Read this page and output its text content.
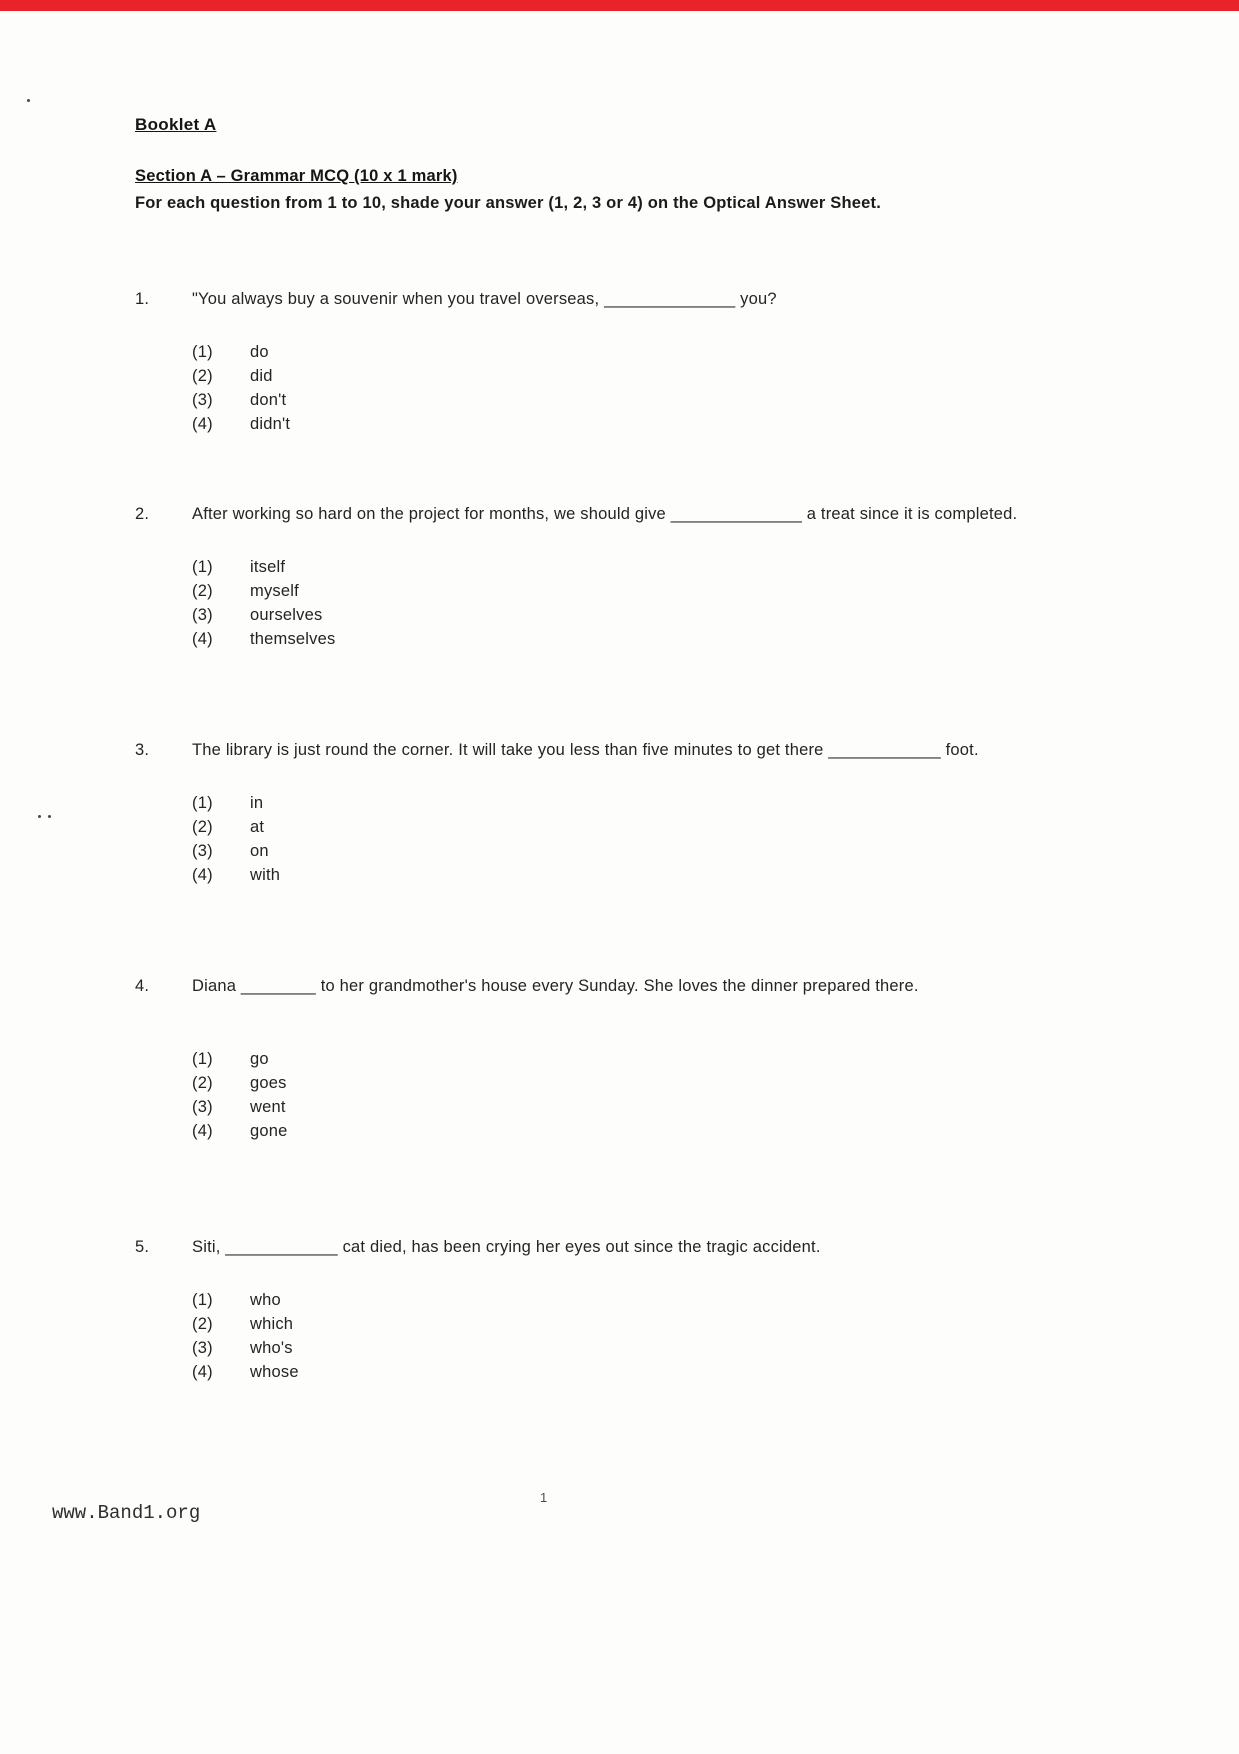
Booklet A
Section A – Grammar MCQ (10 x 1 mark)
For each question from 1 to 10, shade your answer (1, 2, 3 or 4) on the Optical Answer Sheet.
1.	"You always buy a souvenir when you travel overseas, ______________ you?
(1)	do
(2)	did
(3)	don't
(4)	didn't
2.	After working so hard on the project for months, we should give ______________ a treat since it is completed.
(1)	itself
(2)	myself
(3)	ourselves
(4)	themselves
3.	The library is just round the corner. It will take you less than five minutes to get there ____________ foot.
(1)	in
(2)	at
(3)	on
(4)	with
4.	Diana ________ to her grandmother's house every Sunday. She loves the dinner prepared there.
(1)	go
(2)	goes
(3)	went
(4)	gone
5.	Siti, ____________ cat died, has been crying her eyes out since the tragic accident.
(1)	who
(2)	which
(3)	who's
(4)	whose
1
www.Band1.org
